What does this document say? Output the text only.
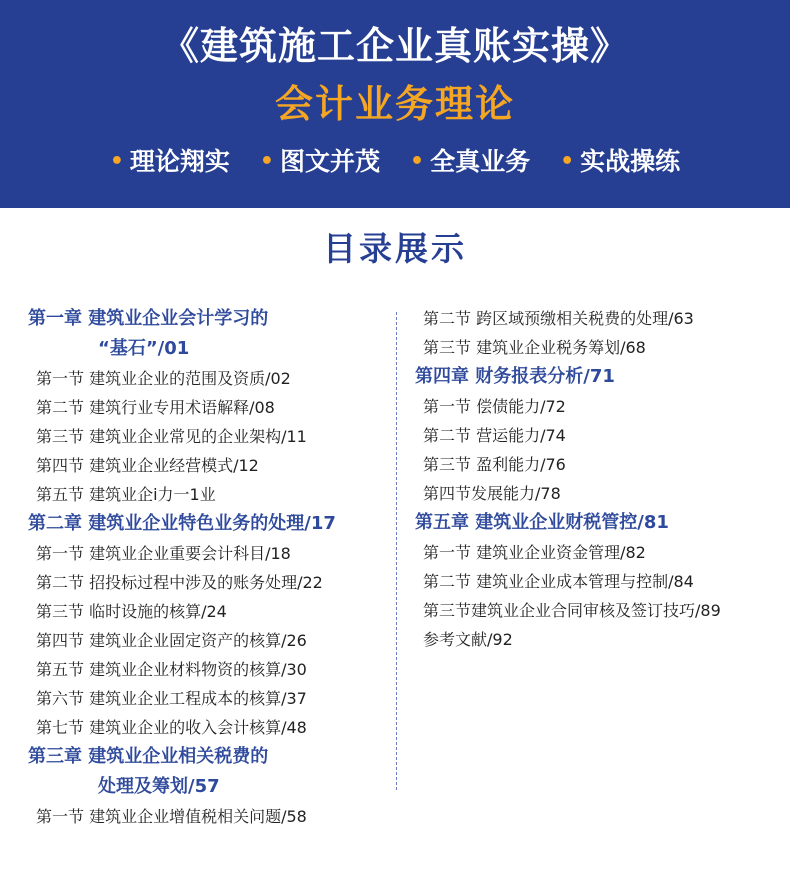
《建筑施工企业真账实操》
会计业务理论
• 理论翔实 • 图文并茂 • 全真业务 • 实战操练
目录展示
第一章 建筑业企业会计学习的
“基石”/01
第一节 建筑业企业的范围及资质/02
第二节 建筑行业专用术语解释/08
第三节 建筑业企业常见的企业架构/11
第四节 建筑业企业经营模式/12
第五节 建筑业企i力一1业
第二章 建筑业企业特色业务的处理/17
第一节 建筑业企业重要会计科目/18
第二节 招投标过程中涉及的账务处理/22
第三节 临时设施的核算/24
第四节 建筑业企业固定资产的核算/26
第五节 建筑业企业材料物资的核算/30
第六节 建筑业企业工程成本的核算/37
第七节 建筑业企业的收入会计核算/48
第三章 建筑业企业相关税费的
处理及筹划/57
第一节 建筑业企业增值税相关问题/58
第二节 跨区域预缴相关税费的处理/63
第三节 建筑业企业税务筹划/68
第四章 财务报表分析/71
第一节 偿债能力/72
第二节 营运能力/74
第三节 盈利能力/76
第四节发展能力/78
第五章 建筑业企业财税管控/81
第一节 建筑业企业资金管理/82
第二节 建筑业企业成本管理与控制/84
第三节建筑业企业合同审核及签订技巧/89
参考文献/92
